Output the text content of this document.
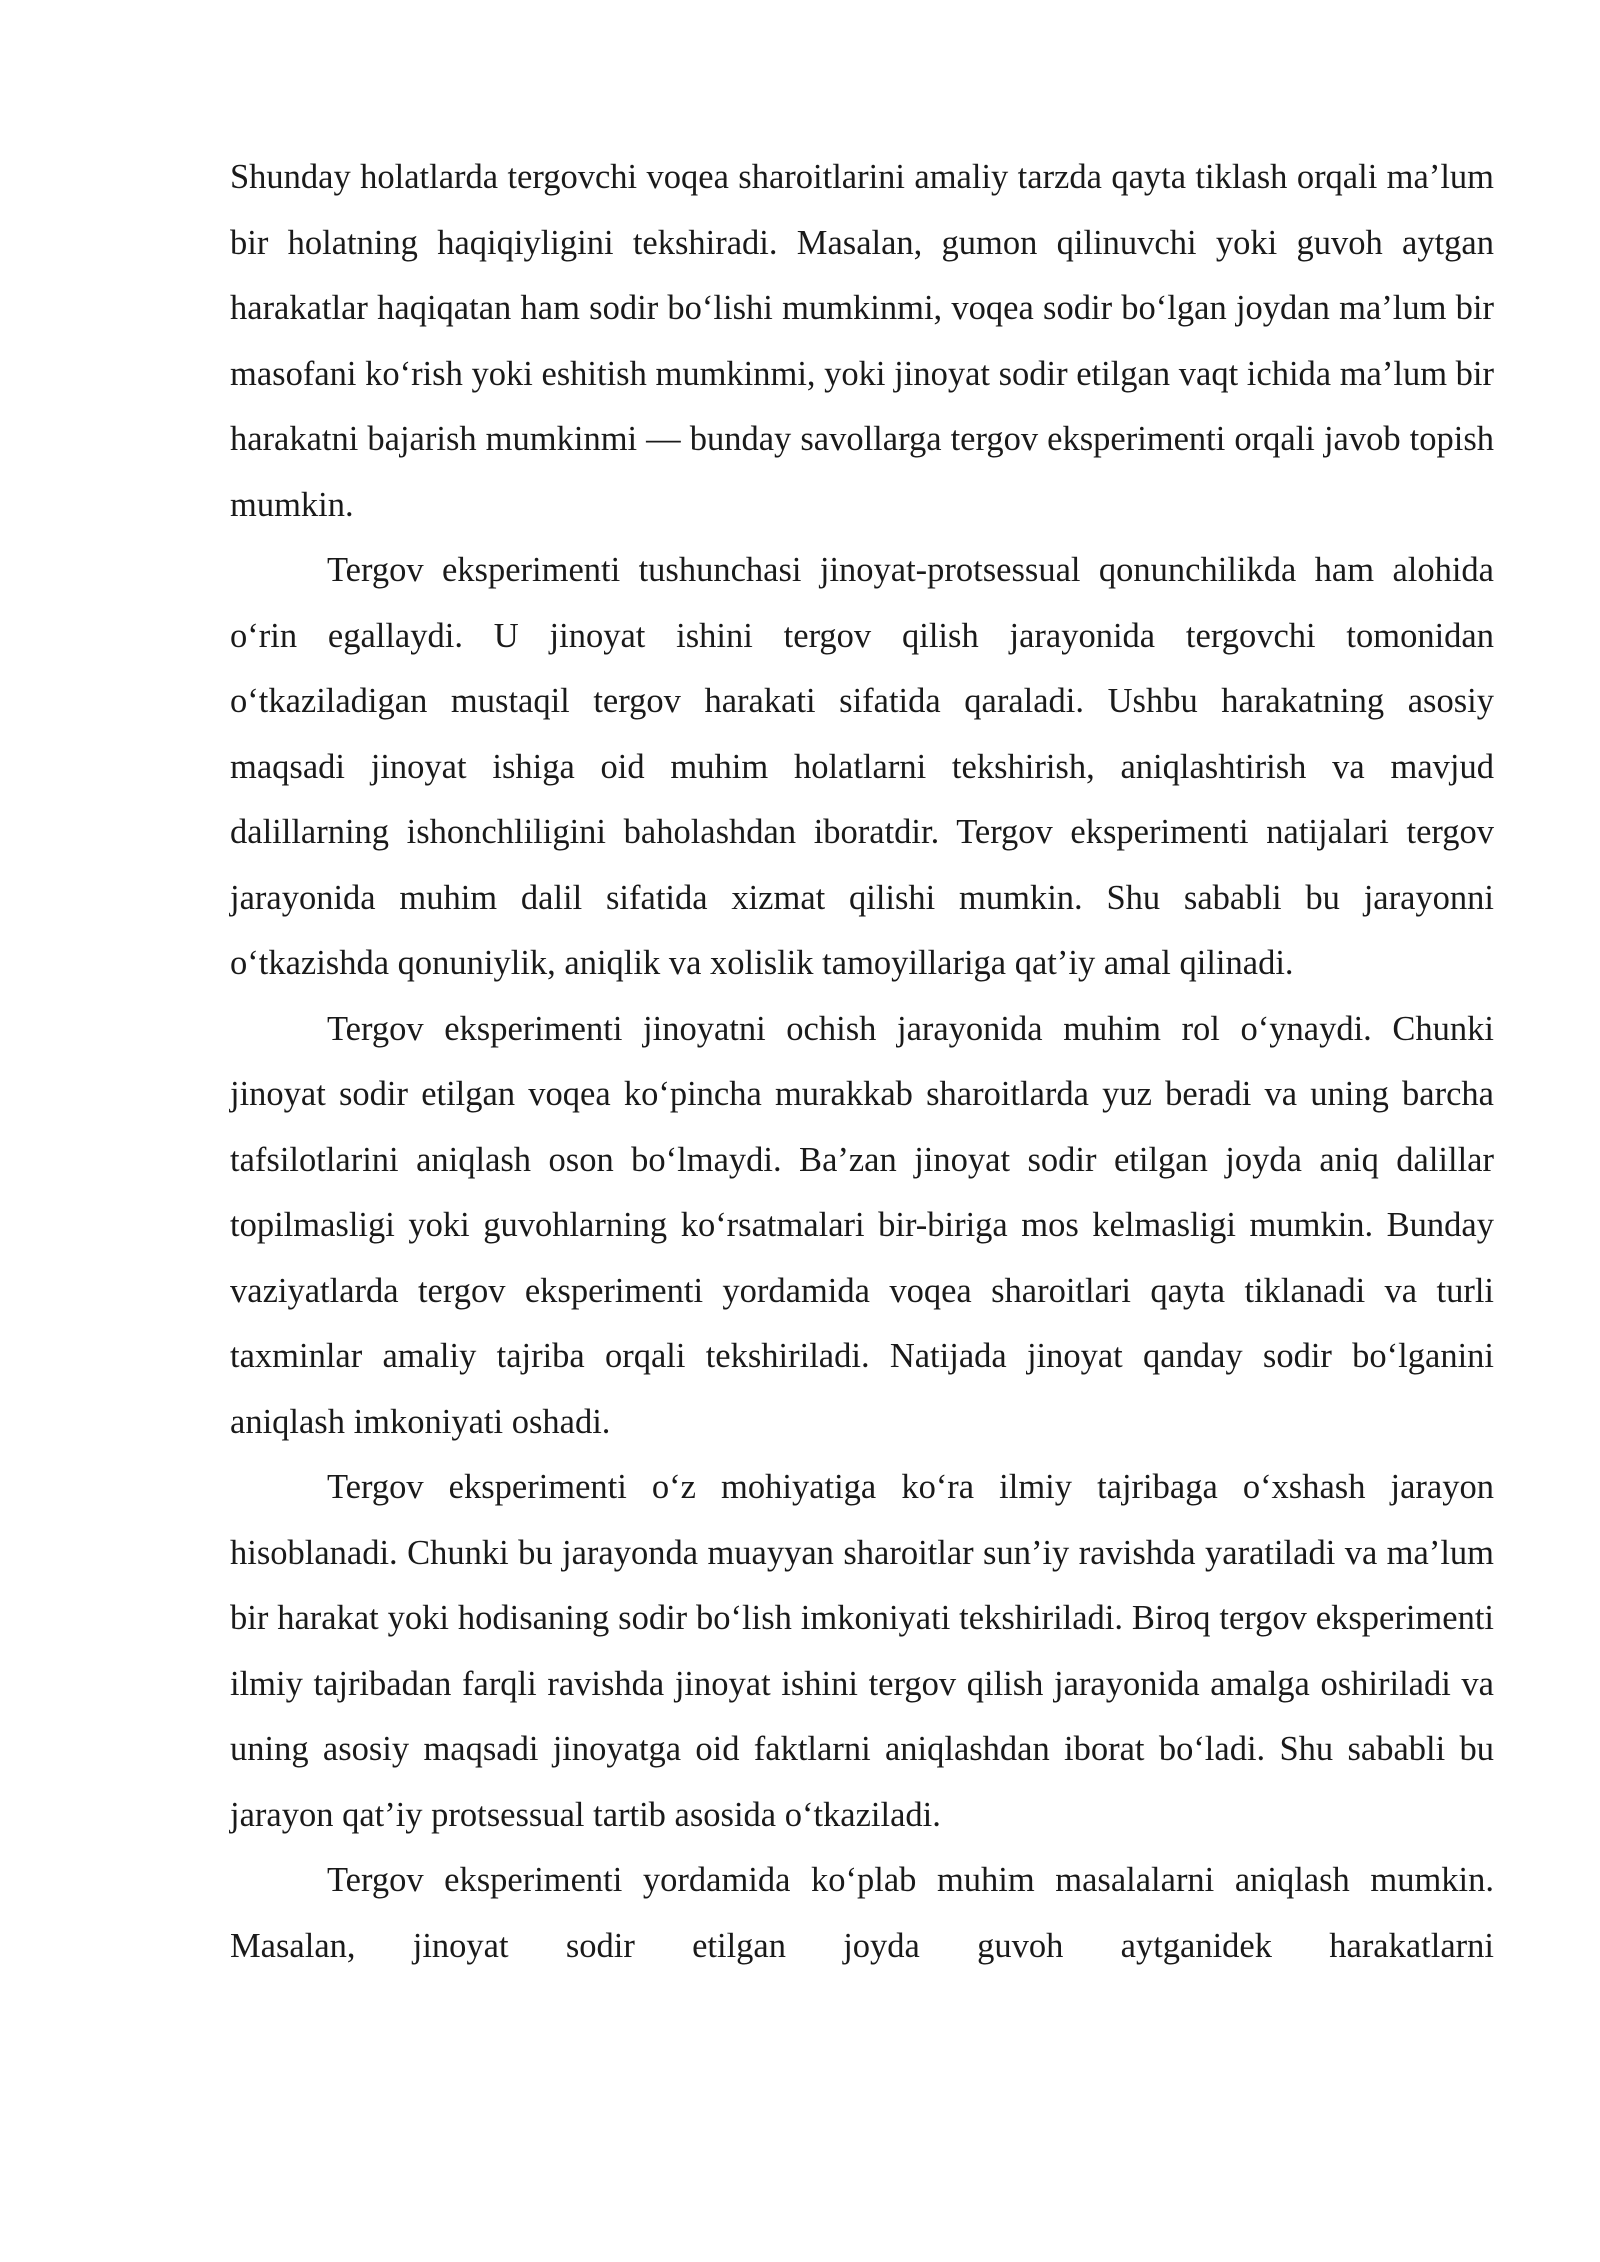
Shunday holatlarda tergovchi voqea sharoitlarini amaliy tarzda qayta tiklash orqali ma’lum bir holatning haqiqiyligini tekshiradi. Masalan, gumon qilinuvchi yoki guvoh aytgan harakatlar haqiqatan ham sodir bo‘lishi mumkinmi, voqea sodir bo‘lgan joydan ma’lum bir masofani ko‘rish yoki eshitish mumkinmi, yoki jinoyat sodir etilgan vaqt ichida ma’lum bir harakatni bajarish mumkinmi — bunday savollarga tergov eksperimenti orqali javob topish mumkin.

Tergov eksperimenti tushunchasi jinoyat-protsessual qonunchilikda ham alohida o‘rin egallaydi. U jinoyat ishini tergov qilish jarayonida tergovchi tomonidan o‘tkaziladigan mustaqil tergov harakati sifatida qaraladi. Ushbu harakatning asosiy maqsadi jinoyat ishiga oid muhim holatlarni tekshirish, aniqlashtirish va mavjud dalillarning ishonchliligini baholashdan iboratdir. Tergov eksperimenti natijalari tergov jarayonida muhim dalil sifatida xizmat qilishi mumkin. Shu sababli bu jarayonni o‘tkazishda qonuniylik, aniqlik va xolislik tamoyillariga qat’iy amal qilinadi.

Tergov eksperimenti jinoyatni ochish jarayonida muhim rol o‘ynaydi. Chunki jinoyat sodir etilgan voqea ko‘pincha murakkab sharoitlarda yuz beradi va uning barcha tafsilotlarini aniqlash oson bo‘lmaydi. Ba’zan jinoyat sodir etilgan joyda aniq dalillar topilmasligi yoki guvohlarning ko‘rsatmalari bir-biriga mos kelmasligi mumkin. Bunday vaziyatlarda tergov eksperimenti yordamida voqea sharoitlari qayta tiklanadi va turli taxminlar amaliy tajriba orqali tekshiriladi. Natijada jinoyat qanday sodir bo‘lganini aniqlash imkoniyati oshadi.

Tergov eksperimenti o‘z mohiyatiga ko‘ra ilmiy tajribaga o‘xshash jarayon hisoblanadi. Chunki bu jarayonda muayyan sharoitlar sun’iy ravishda yaratiladi va ma’lum bir harakat yoki hodisaning sodir bo‘lish imkoniyati tekshiriladi. Biroq tergov eksperimenti ilmiy tajribadan farqli ravishda jinoyat ishini tergov qilish jarayonida amalga oshiriladi va uning asosiy maqsadi jinoyatga oid faktlarni aniqlashdan iborat bo‘ladi. Shu sababli bu jarayon qat’iy protsessual tartib asosida o‘tkaziladi.

Tergov eksperimenti yordamida ko‘plab muhim masalalarni aniqlash mumkin. Masalan, jinoyat sodir etilgan joyda guvoh aytganidek harakatlarni
